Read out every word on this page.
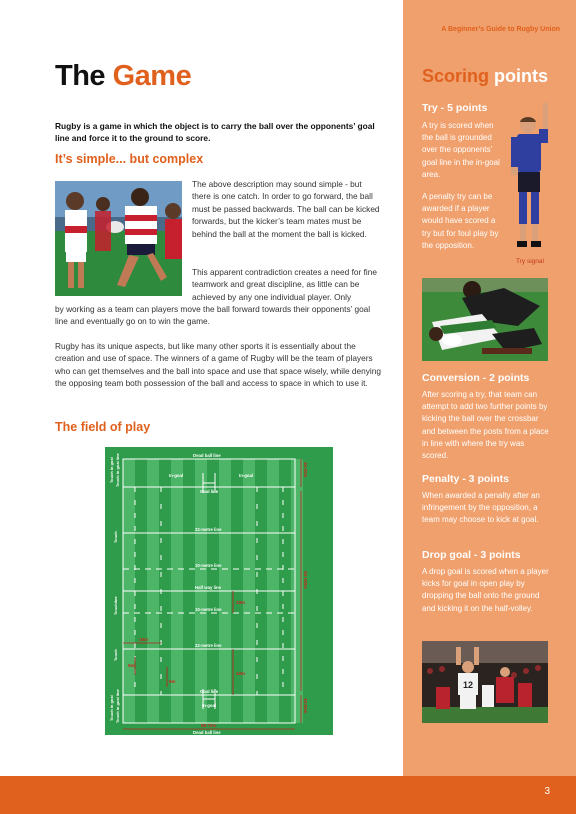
A Beginner’s Guide to Rugby Union
The Game

Rugby is a game in which the object is to carry the ball over the opponents’ goal line and force it to the ground to score.

It’s simple... but complex

The above description may sound simple - but there is one catch. In order to go forward, the ball must be passed backwards. The ball can be kicked forwards, but the kicker’s team mates must be behind the ball at the moment the ball is kicked.

This apparent contradiction creates a need for fine teamwork and great discipline, as little can be achieved by any one individual player. Only

by working as a team can players move the ball forward towards their opponents’ goal line and eventually go on to win the game.

Rugby has its unique aspects, but like many other sports it is essentially about the creation and use of space. The winners of a game of Rugby will be the team of players who can get themselves and the ball into space and use that space wisely, while denying the opposing team both possession of the ball and access to space in which to use it.

The field of play
Dead ball line
In-goal	In-goal
Goal line
22-metre line
10-metre line
Half way line
10-metre line
22-metre line
Goal line
In-goal
Dead ball line
68-70m
10m
22m
15m
5m
5m
10-22m
94-100m
10-22m
Touch in goal Touch in goal line
Touch
Touchline
Touch
Touch in goal Touch in goal line
Scoring points
Try - 5 points

A try is scored when the ball is grounded over the opponents’ goal line in the in-goal area.

A penalty try can be awarded if a player would have scored a try but for foul play by the opposition.

Try signal
Conversion - 2 points

After scoring a try, that team can attempt to add two further points by kicking the ball over the crossbar and between the posts from a place in line with where the try was scored.

Penalty - 3 points

When awarded a penalty after an infringement by the opposition, a team may choose to kick at goal.

Drop goal - 3 points

A drop goal is scored when a player kicks for goal in open play by dropping the ball onto the ground and kicking it on the half-volley.

12
3
